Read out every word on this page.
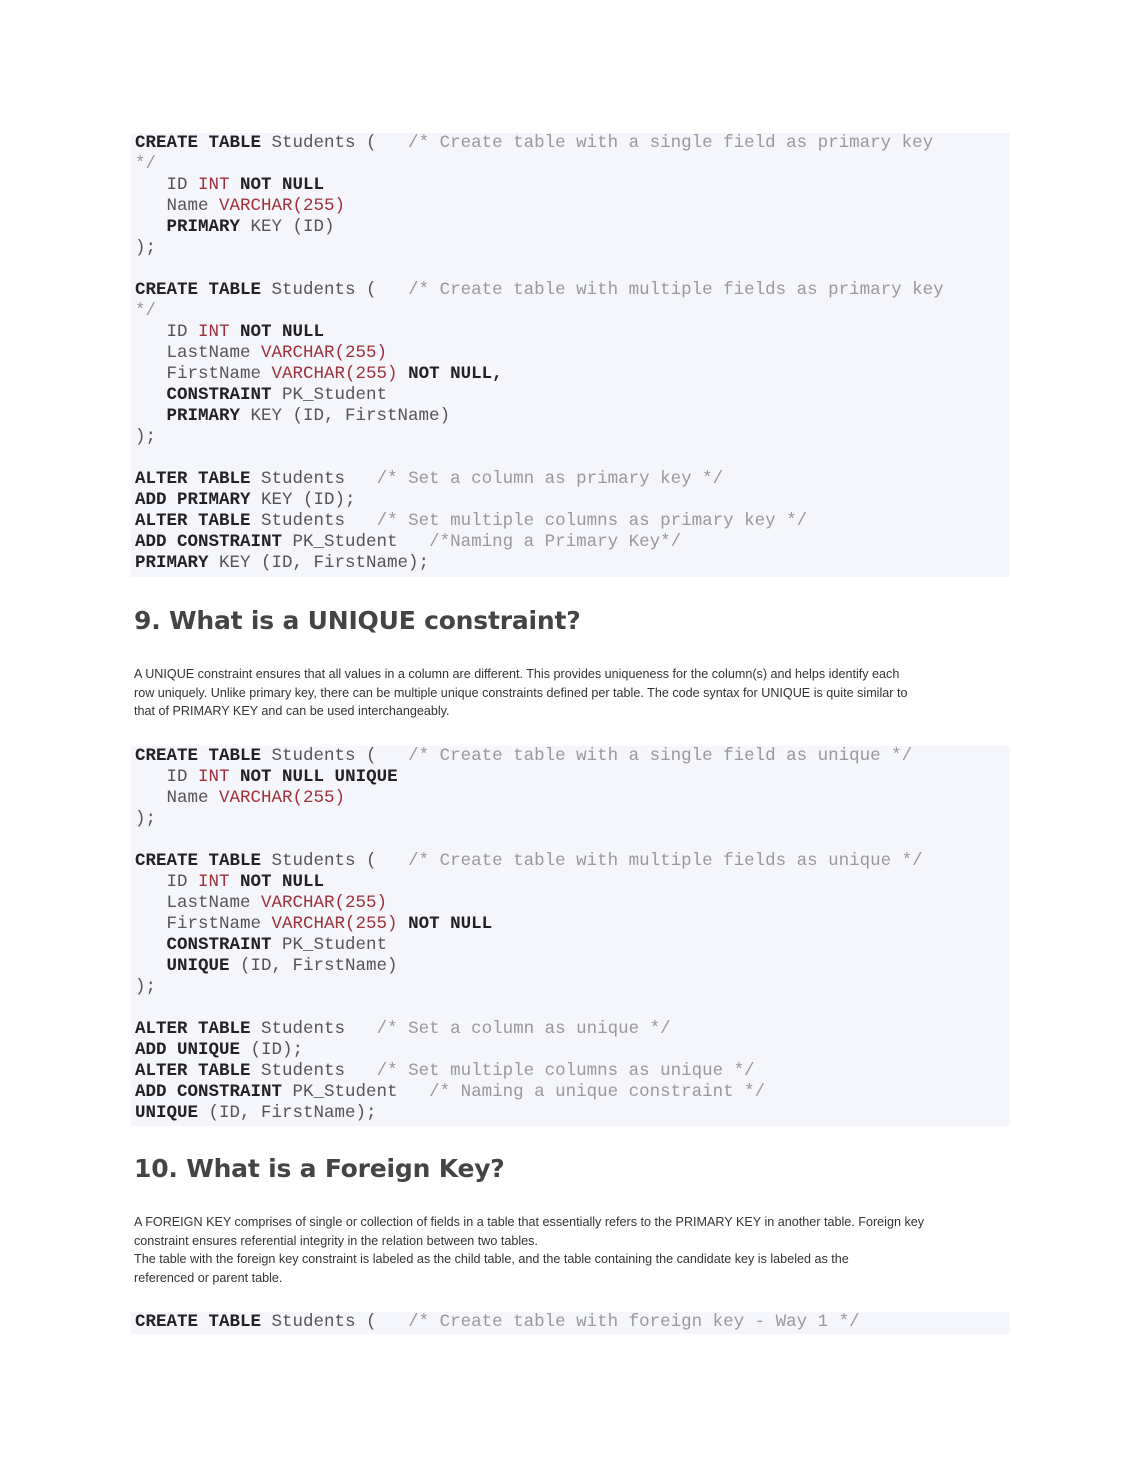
CREATE TABLE Students (   /* Create table with a single field as primary key
*/
ID INT NOT NULL
Name VARCHAR(255)
PRIMARY KEY (ID)
);
CREATE TABLE Students (   /* Create table with multiple fields as primary key
*/
ID INT NOT NULL
LastName VARCHAR(255)
FirstName VARCHAR(255) NOT NULL,
CONSTRAINT PK_Student
PRIMARY KEY (ID, FirstName)
);
ALTER TABLE Students   /* Set a column as primary key */
ADD PRIMARY KEY (ID);
ALTER TABLE Students   /* Set multiple columns as primary key */
ADD CONSTRAINT PK_Student   /*Naming a Primary Key*/
PRIMARY KEY (ID, FirstName);
9. What is a UNIQUE constraint?
A UNIQUE constraint ensures that all values in a column are different. This provides uniqueness for the column(s) and helps identify each
row uniquely. Unlike primary key, there can be multiple unique constraints defined per table. The code syntax for UNIQUE is quite similar to
that of PRIMARY KEY and can be used interchangeably.
CREATE TABLE Students (   /* Create table with a single field as unique */
ID INT NOT NULL UNIQUE
Name VARCHAR(255)
);
CREATE TABLE Students (   /* Create table with multiple fields as unique */
ID INT NOT NULL
LastName VARCHAR(255)
FirstName VARCHAR(255) NOT NULL
CONSTRAINT PK_Student
UNIQUE (ID, FirstName)
);
ALTER TABLE Students   /* Set a column as unique */
ADD UNIQUE (ID);
ALTER TABLE Students   /* Set multiple columns as unique */
ADD CONSTRAINT PK_Student   /* Naming a unique constraint */
UNIQUE (ID, FirstName);
10. What is a Foreign Key?
A FOREIGN KEY comprises of single or collection of fields in a table that essentially refers to the PRIMARY KEY in another table. Foreign key
constraint ensures referential integrity in the relation between two tables.
The table with the foreign key constraint is labeled as the child table, and the table containing the candidate key is labeled as the
referenced or parent table.
CREATE TABLE Students (   /* Create table with foreign key - Way 1 */
